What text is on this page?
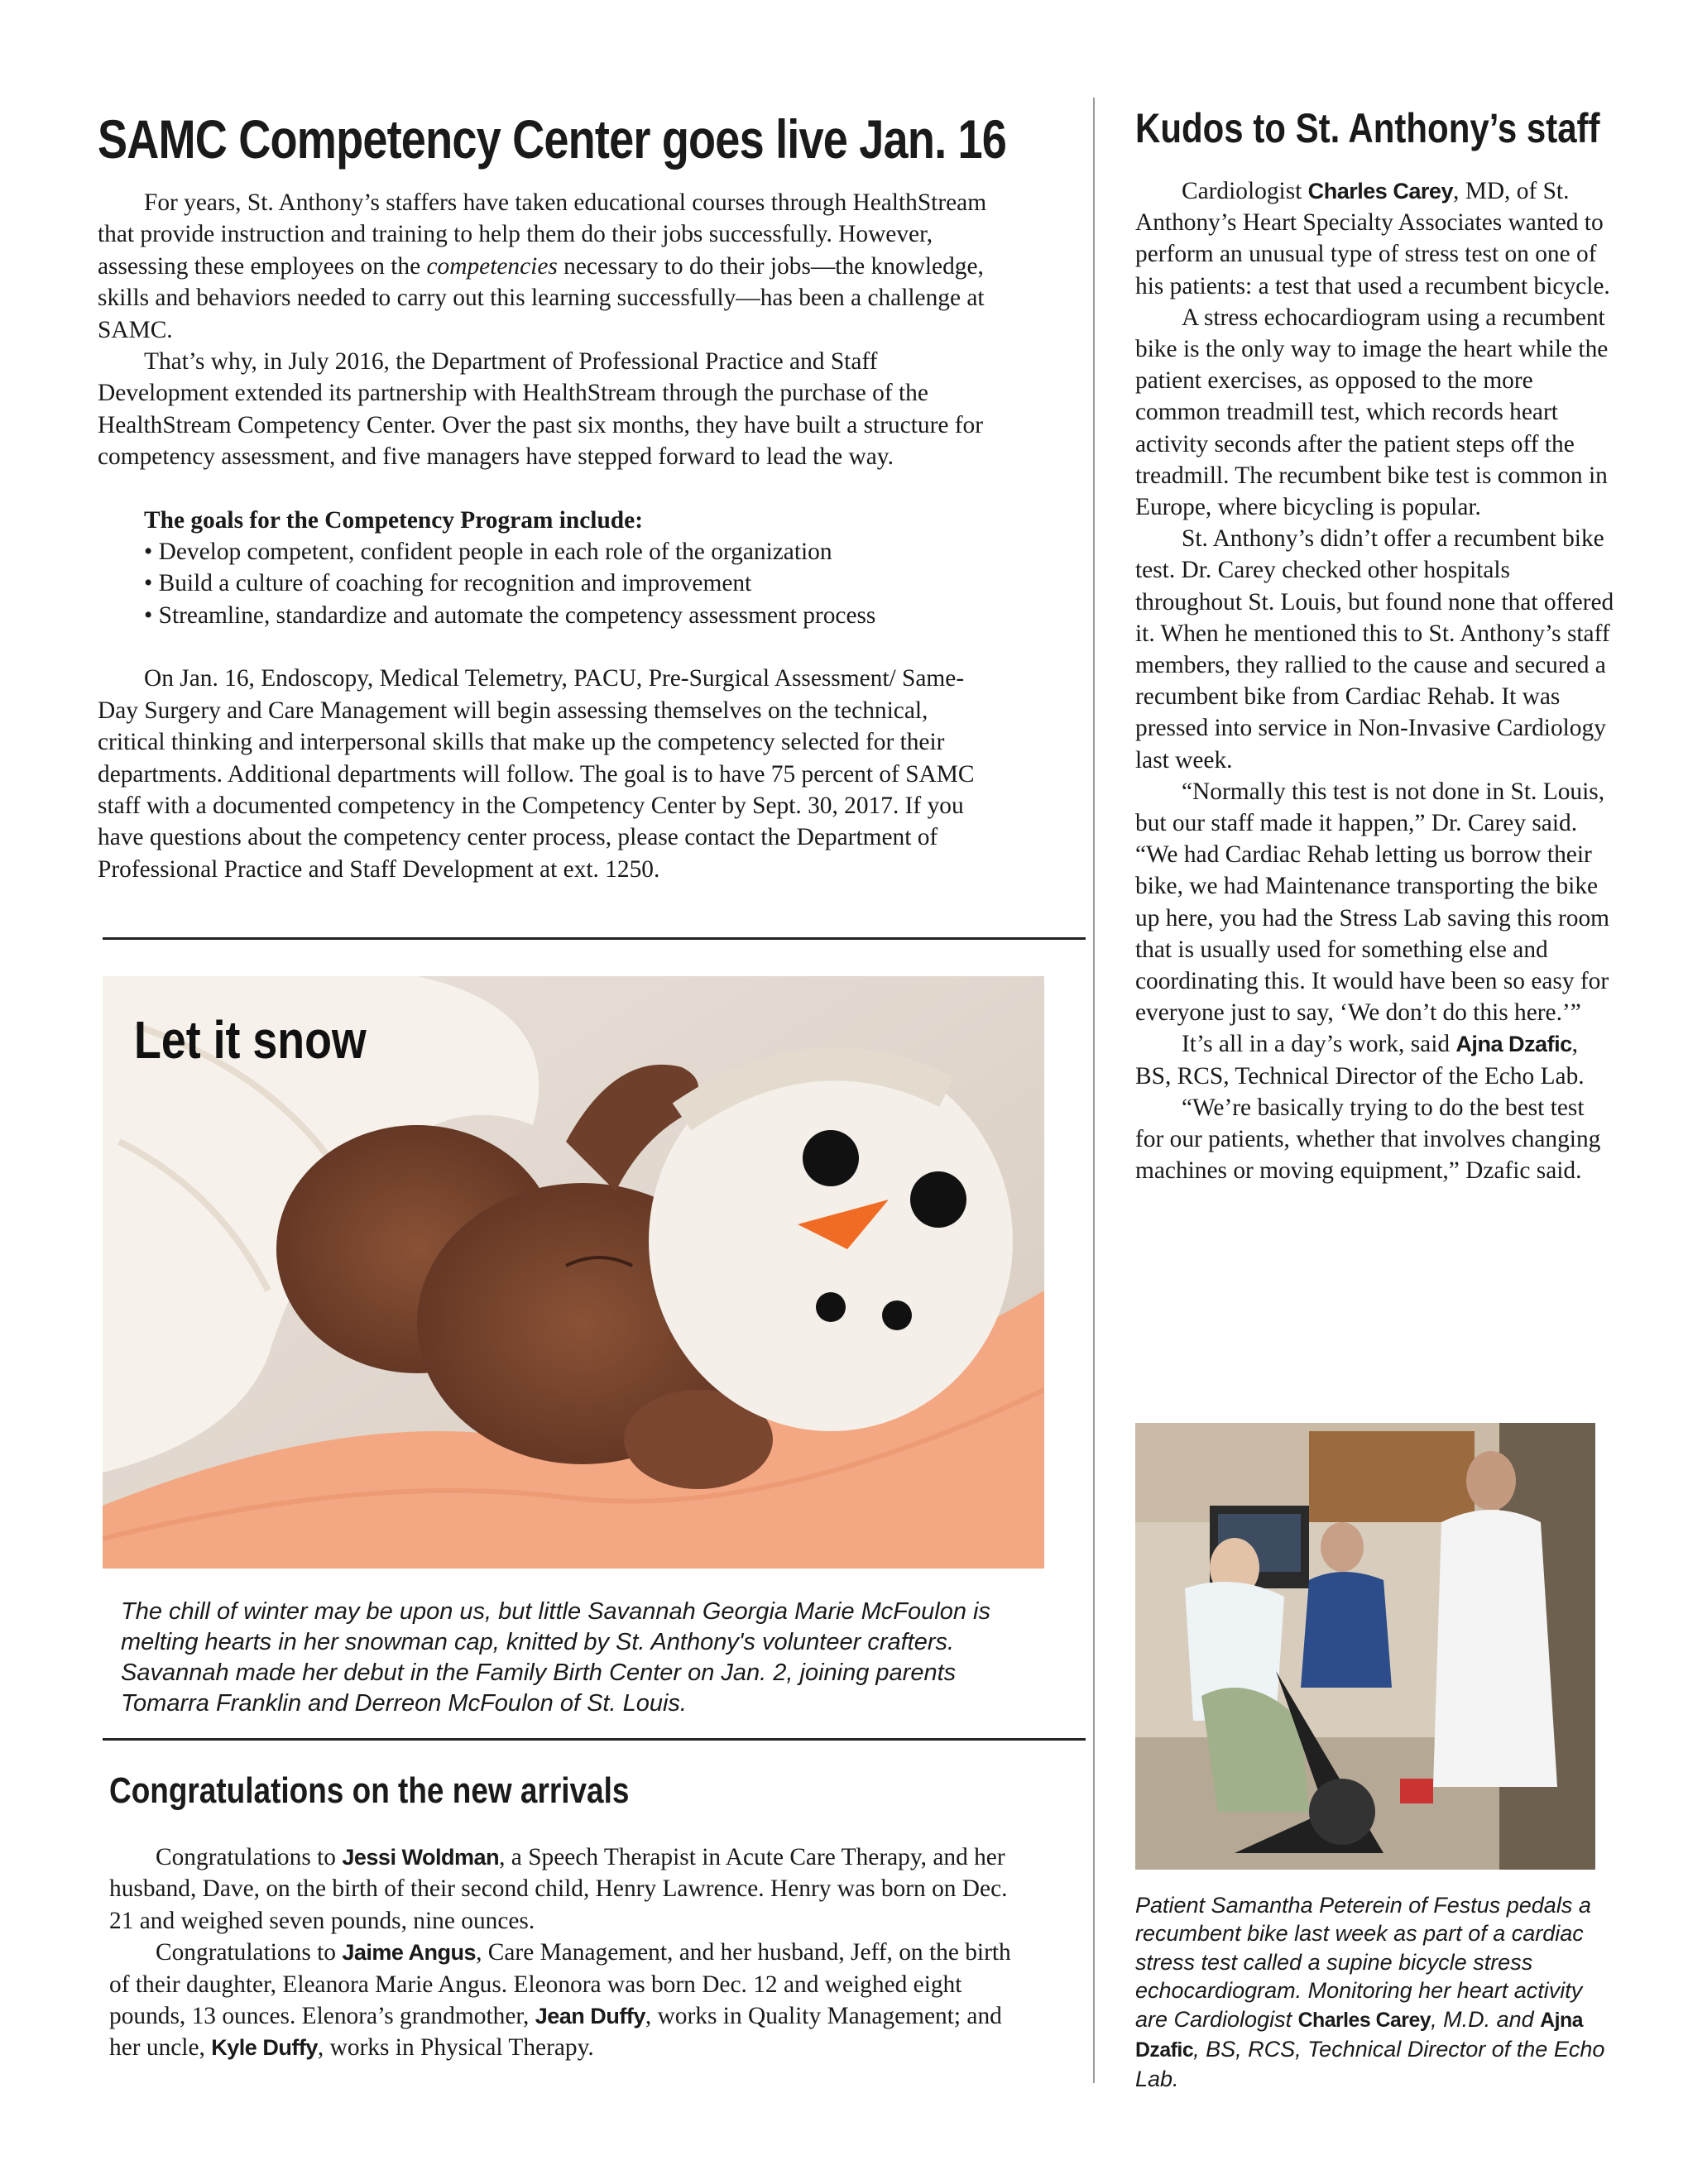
SAMC Competency Center goes live Jan. 16

For years, St. Anthony’s staffers have taken educational courses through HealthStream that provide instruction and training to help them do their jobs successfully. However, assessing these employees on the competencies necessary to do their jobs—the knowledge, skills and behaviors needed to carry out this learning successfully—has been a challenge at SAMC.

That’s why, in July 2016, the Department of Professional Practice and Staff Development extended its partnership with HealthStream through the purchase of the HealthStream Competency Center. Over the past six months, they have built a structure for competency assessment, and five managers have stepped forward to lead the way.

The goals for the Competency Program include:

• Develop competent, confident people in each role of the organization
• Build a culture of coaching for recognition and improvement
• Streamline, standardize and automate the competency assessment process

On Jan. 16, Endoscopy, Medical Telemetry, PACU, Pre-Surgical Assessment/ Same-Day Surgery and Care Management will begin assessing themselves on the technical, critical thinking and interpersonal skills that make up the competency selected for their departments. Additional departments will follow. The goal is to have 75 percent of SAMC staff with a documented competency in the Competency Center by Sept. 30, 2017. If you have questions about the competency center process, please contact the Department of Professional Practice and Staff Development at ext. 1250.

Let it snow
The chill of winter may be upon us, but little Savannah Georgia Marie McFoulon is melting hearts in her snowman cap, knitted by St. Anthony's volunteer crafters. Savannah made her debut in the Family Birth Center on Jan. 2, joining parents Tomarra Franklin and Derreon McFoulon of St. Louis.
Congratulations on the new arrivals

Congratulations to Jessi Woldman, a Speech Therapist in Acute Care Therapy, and her husband, Dave, on the birth of their second child, Henry Lawrence. Henry was born on Dec. 21 and weighed seven pounds, nine ounces.

Congratulations to Jaime Angus, Care Management, and her husband, Jeff, on the birth of their daughter, Eleanora Marie Angus. Eleonora was born Dec. 12 and weighed eight pounds, 13 ounces. Elenora’s grandmother, Jean Duffy, works in Quality Management; and her uncle, Kyle Duffy, works in Physical Therapy.

Kudos to St. Anthony’s staff

Cardiologist Charles Carey, MD, of St. Anthony’s Heart Specialty Associates wanted to perform an unusual type of stress test on one of his patients: a test that used a recumbent bicycle.

A stress echocardiogram using a recumbent bike is the only way to image the heart while the patient exercises, as opposed to the more common treadmill test, which records heart activity seconds after the patient steps off the treadmill. The recumbent bike test is common in Europe, where bicycling is popular.

St. Anthony’s didn’t offer a recumbent bike test. Dr. Carey checked other hospitals throughout St. Louis, but found none that offered it. When he mentioned this to St. Anthony’s staff members, they rallied to the cause and secured a recumbent bike from Cardiac Rehab. It was pressed into service in Non-Invasive Cardiology last week.

“Normally this test is not done in St. Louis, but our staff made it happen,” Dr. Carey said. “We had Cardiac Rehab letting us borrow their bike, we had Maintenance transporting the bike up here, you had the Stress Lab saving this room that is usually used for something else and coordinating this. It would have been so easy for everyone just to say, ‘We don’t do this here.’”

It’s all in a day’s work, said Ajna Dzafic, BS, RCS, Technical Director of the Echo Lab.

“We’re basically trying to do the best test for our patients, whether that involves changing machines or moving equipment,” Dzafic said.

Patient Samantha Peterein of Festus pedals a recumbent bike last week as part of a cardiac stress test called a supine bicycle stress echocardiogram. Monitoring her heart activity are Cardiologist Charles Carey, M.D. and Ajna Dzafic, BS, RCS, Technical Director of the Echo Lab.
